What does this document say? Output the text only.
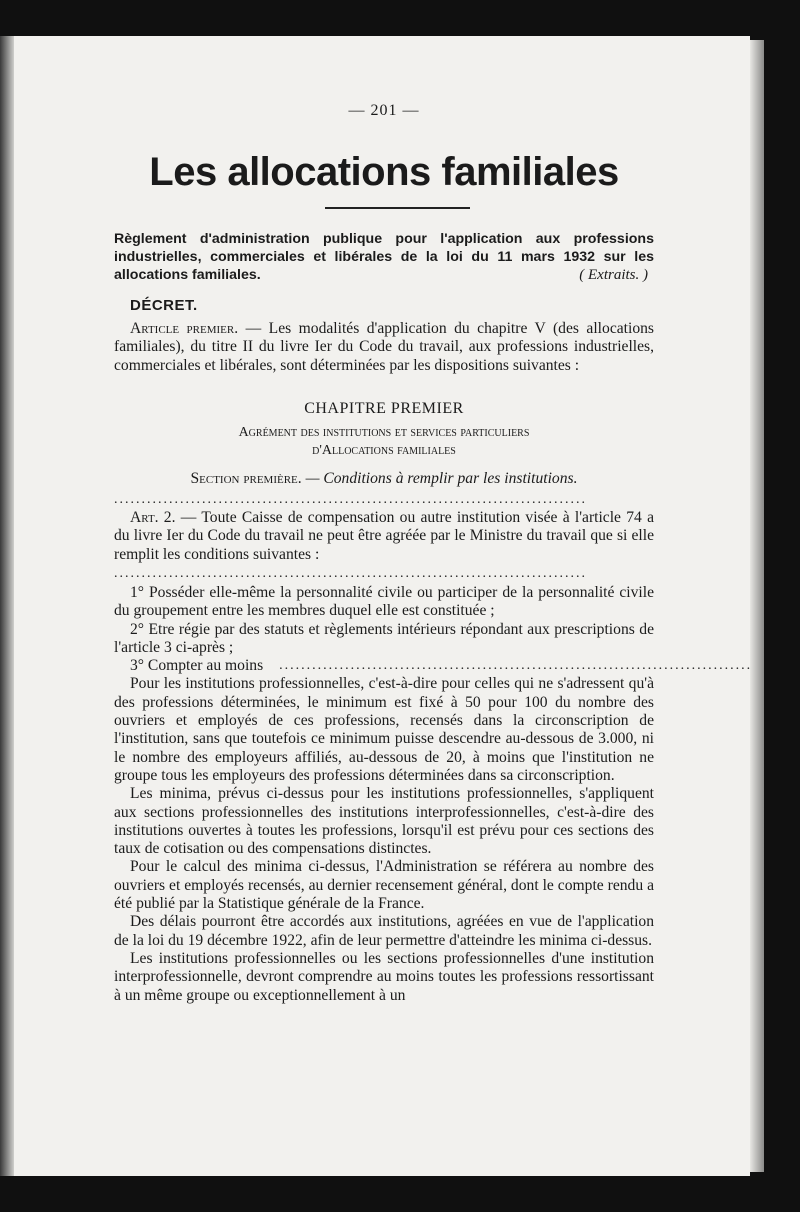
— 201 —
Les allocations familiales
Règlement d'administration publique pour l'application aux professions industrielles, commerciales et libérales de la loi du 11 mars 1932 sur les allocations familiales.	( Extraits. )
DÉCRET.
Article premier. — Les modalités d'application du chapitre V (des allocations familiales), du titre II du livre Ier du Code du travail, aux professions industrielles, commerciales et libérales, sont déterminées par les dispositions suivantes :
CHAPITRE PREMIER
Agrément des institutions et services particuliers
d'Allocations familiales
Section première. — Conditions à remplir par les institutions.
......................................................................................
Art. 2. — Toute Caisse de compensation ou autre institution visée à l'article 74 a du livre Ier du Code du travail ne peut être agréée par le Ministre du travail que si elle remplit les conditions suivantes :
......................................................................................
1° Posséder elle-même la personnalité civile ou participer de la personnalité civile du groupement entre les membres duquel elle est constituée ;
2° Etre régie par des statuts et règlements intérieurs répondant aux prescriptions de l'article 3 ci-après ;
3° Compter au moins	......................................................................................
Pour les institutions professionnelles, c'est-à-dire pour celles qui ne s'adressent qu'à des professions déterminées, le minimum est fixé à 50 pour 100 du nombre des ouvriers et employés de ces professions, recensés dans la circonscription de l'institution, sans que toutefois ce minimum puisse descendre au-dessous de 3.000, ni le nombre des employeurs affiliés, au-dessous de 20, à moins que l'institution ne groupe tous les employeurs des professions déterminées dans sa circonscription.
Les minima, prévus ci-dessus pour les institutions professionnelles, s'appliquent aux sections professionnelles des institutions interprofessionnelles, c'est-à-dire des institutions ouvertes à toutes les professions, lorsqu'il est prévu pour ces sections des taux de cotisation ou des compensations distinctes.
Pour le calcul des minima ci-dessus, l'Administration se référera au nombre des ouvriers et employés recensés, au dernier recensement général, dont le compte rendu a été publié par la Statistique générale de la France.
Des délais pourront être accordés aux institutions, agréées en vue de l'application de la loi du 19 décembre 1922, afin de leur permettre d'atteindre les minima ci-dessus.
Les institutions professionnelles ou les sections professionnelles d'une institution interprofessionnelle, devront comprendre au moins toutes les professions ressortissant à un même groupe ou exceptionnellement à un
